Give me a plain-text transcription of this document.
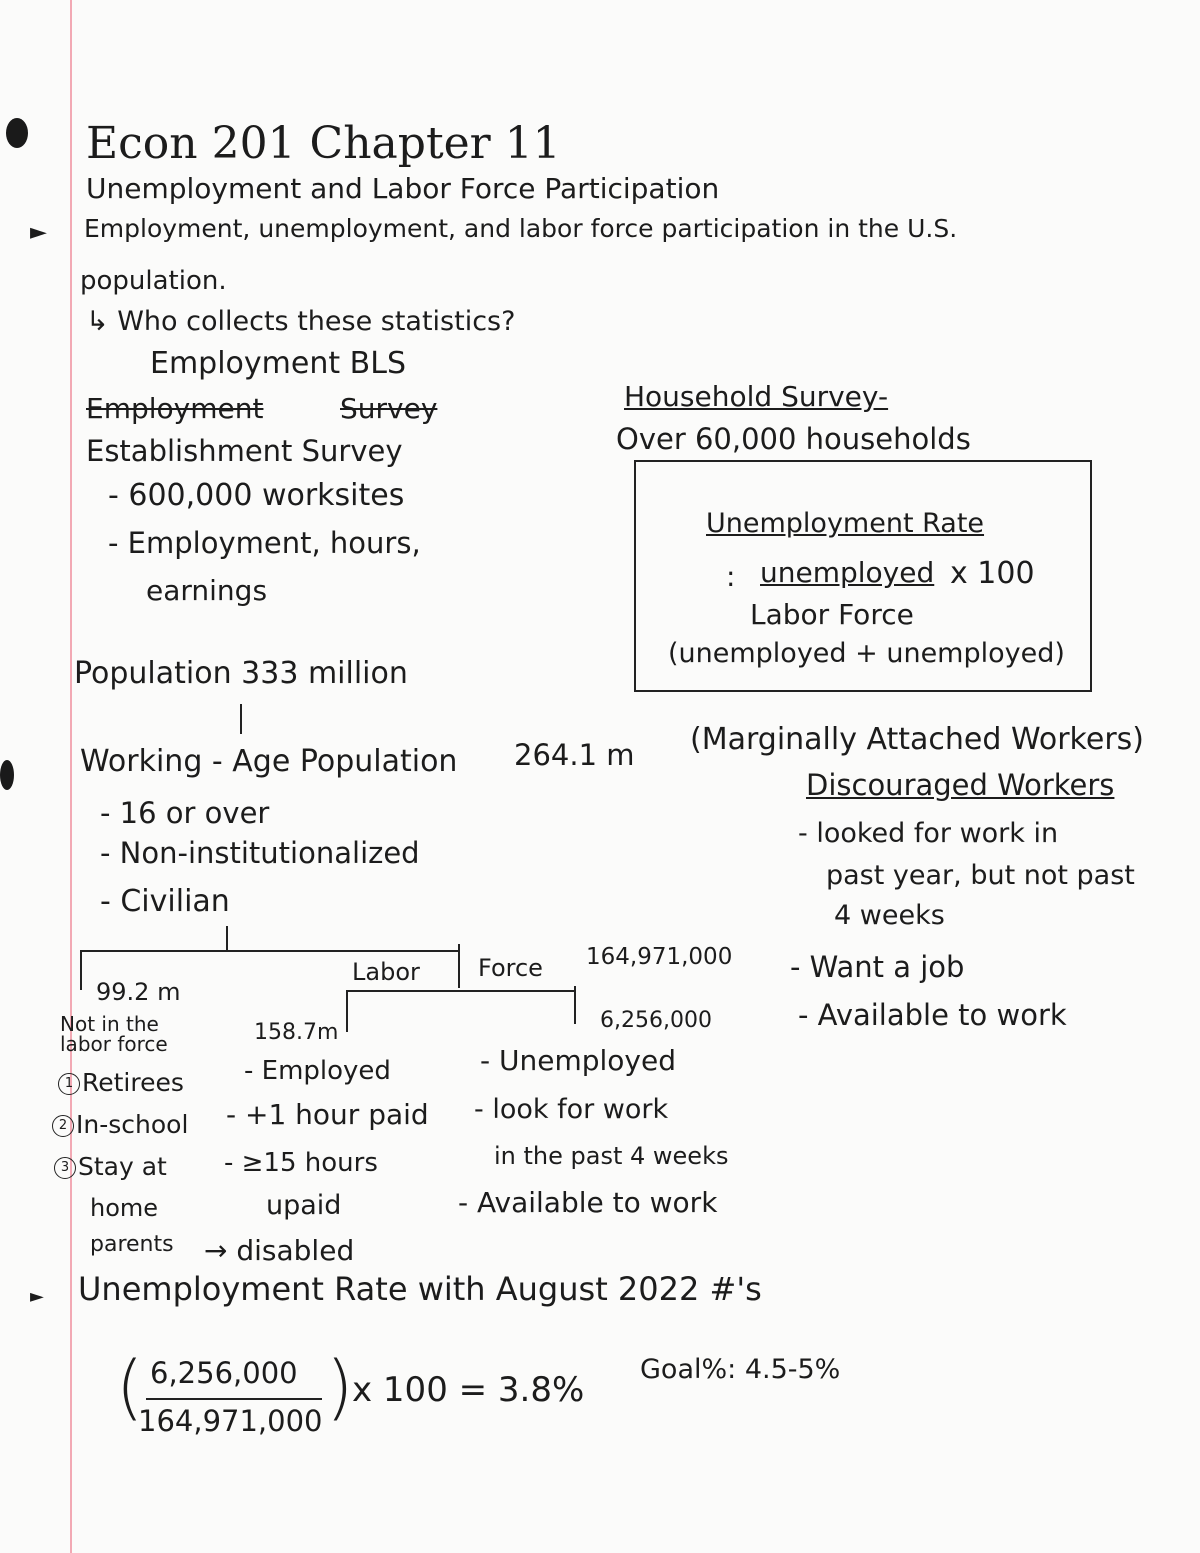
Econ 201 Chapter 11
Unemployment and Labor Force Participation
► Employment, unemployment, and labor force participation in the U.S.
population.
↳ Who collects these statistics?
Employment BLS
Employment	Survey
Establishment Survey
- 600,000 worksites
- Employment, hours,
earnings
Household Survey-
Over 60,000 households
Unemployment Rate
: unemployed x 100
Labor Force
(unemployed + unemployed)
Population 333 million
Working - Age Population 264.1 m
- 16 or over
- Non-institutionalized
- Civilian
(Marginally Attached Workers)
Discouraged Workers
- looked for work in
past year, but not past
4 weeks
- Want a job
- Available to work
99.2 m
Labor Force 164,971,000
6,256,000
158.7m
Not in the
labor force
1 Retirees
2 In-school
3 Stay at
home
parents
- Employed
- +1 hour paid
- ≥15 hours
upaid
→ disabled
- Unemployed
- look for work
in the past 4 weeks
- Available to work
► Unemployment Rate with August 2022 #'s
( 6,256,000
164,971,000 )
x 100 = 3.8%
Goal%: 4.5-5%
